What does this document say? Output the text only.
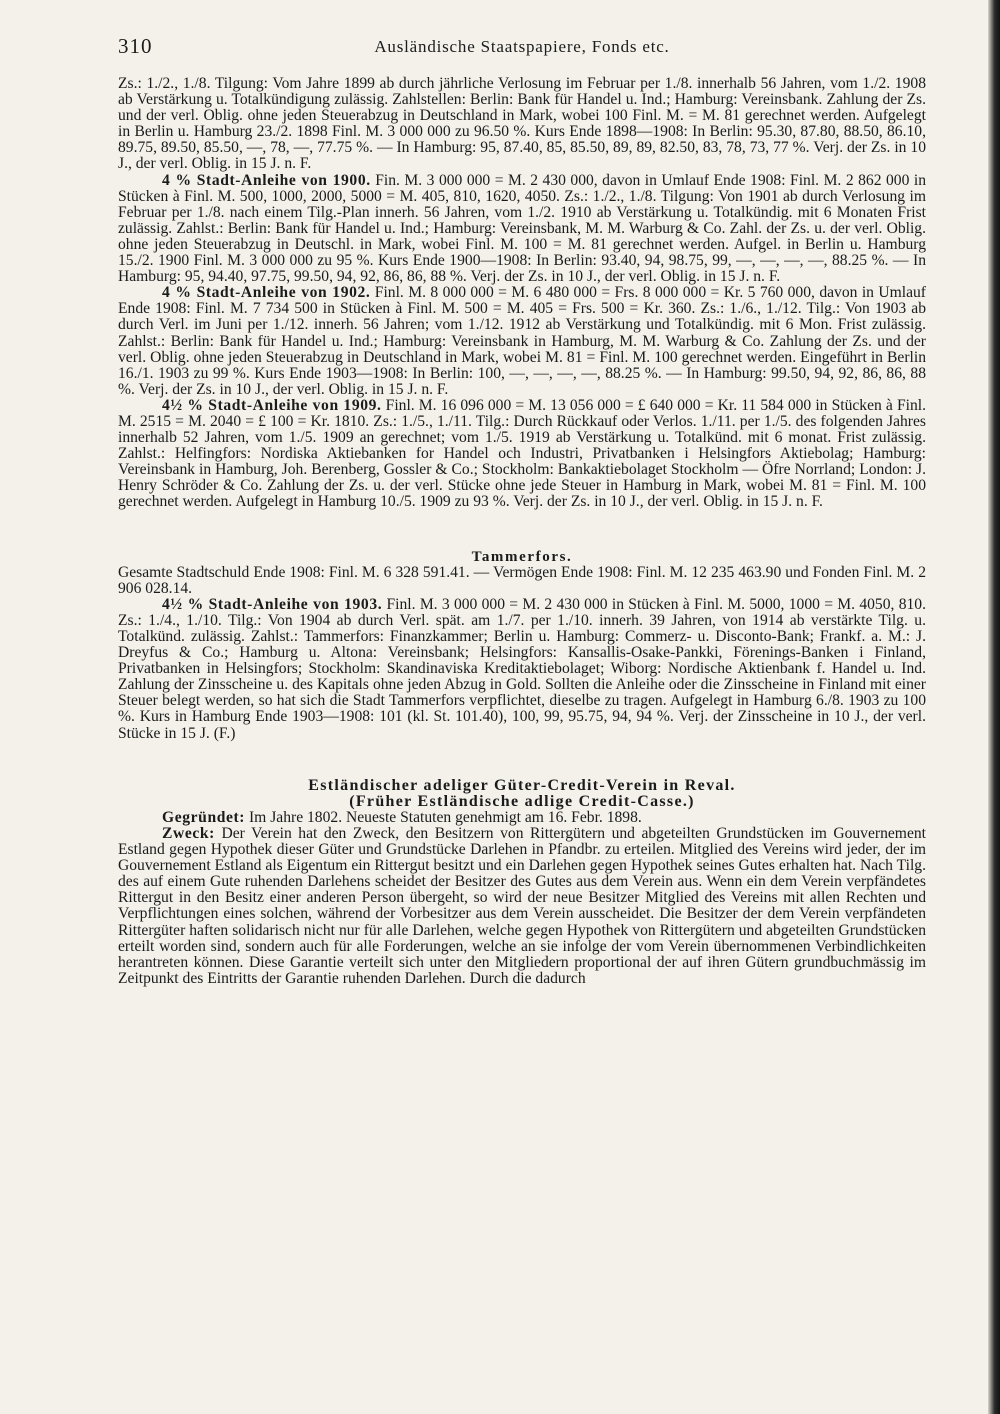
310	Ausländische Staatspapiere, Fonds etc.

Zs.: 1./2., 1./8. Tilgung: Vom Jahre 1899 ab durch jährliche Verlosung im Februar per 1./8. innerhalb 56 Jahren, vom 1./2. 1908 ab Verstärkung u. Totalkündigung zulässig. Zahlstellen: Berlin: Bank für Handel u. Ind.; Hamburg: Vereinsbank. Zahlung der Zs. und der verl. Oblig. ohne jeden Steuerabzug in Deutschland in Mark, wobei 100 Finl. M. = M. 81 gerechnet werden. Aufgelegt in Berlin u. Hamburg 23./2. 1898 Finl. M. 3 000 000 zu 96.50 %. Kurs Ende 1898—1908: In Berlin: 95.30, 87.80, 88.50, 86.10, 89.75, 89.50, 85.50, —, 78, —, 77.75 %. — In Hamburg: 95, 87.40, 85, 85.50, 89, 89, 82.50, 83, 78, 73, 77 %. Verj. der Zs. in 10 J., der verl. Oblig. in 15 J. n. F.

4 % Stadt-Anleihe von 1900. Fin. M. 3 000 000 = M. 2 430 000, davon in Umlauf Ende 1908: Finl. M. 2 862 000 in Stücken à Finl. M. 500, 1000, 2000, 5000 = M. 405, 810, 1620, 4050. Zs.: 1./2., 1./8. Tilgung: Von 1901 ab durch Verlosung im Februar per 1./8. nach einem Tilg.-Plan innerh. 56 Jahren, vom 1./2. 1910 ab Verstärkung u. Totalkündig. mit 6 Monaten Frist zulässig. Zahlst.: Berlin: Bank für Handel u. Ind.; Hamburg: Vereinsbank, M. M. Warburg & Co. Zahl. der Zs. u. der verl. Oblig. ohne jeden Steuerabzug in Deutschl. in Mark, wobei Finl. M. 100 = M. 81 gerechnet werden. Aufgel. in Berlin u. Hamburg 15./2. 1900 Finl. M. 3 000 000 zu 95 %. Kurs Ende 1900—1908: In Berlin: 93.40, 94, 98.75, 99, —, —, —, —, 88.25 %. — In Hamburg: 95, 94.40, 97.75, 99.50, 94, 92, 86, 86, 88 %. Verj. der Zs. in 10 J., der verl. Oblig. in 15 J. n. F.

4 % Stadt-Anleihe von 1902. Finl. M. 8 000 000 = M. 6 480 000 = Frs. 8 000 000 = Kr. 5 760 000, davon in Umlauf Ende 1908: Finl. M. 7 734 500 in Stücken à Finl. M. 500 = M. 405 = Frs. 500 = Kr. 360. Zs.: 1./6., 1./12. Tilg.: Von 1903 ab durch Verl. im Juni per 1./12. innerh. 56 Jahren; vom 1./12. 1912 ab Verstärkung und Totalkündig. mit 6 Mon. Frist zulässig. Zahlst.: Berlin: Bank für Handel u. Ind.; Hamburg: Vereinsbank in Hamburg, M. M. Warburg & Co. Zahlung der Zs. und der verl. Oblig. ohne jeden Steuerabzug in Deutschland in Mark, wobei M. 81 = Finl. M. 100 gerechnet werden. Eingeführt in Berlin 16./1. 1903 zu 99 %. Kurs Ende 1903—1908: In Berlin: 100, —, —, —, —, 88.25 %. — In Hamburg: 99.50, 94, 92, 86, 86, 88 %. Verj. der Zs. in 10 J., der verl. Oblig. in 15 J. n. F.

4½ % Stadt-Anleihe von 1909. Finl. M. 16 096 000 = M. 13 056 000 = £ 640 000 = Kr. 11 584 000 in Stücken à Finl. M. 2515 = M. 2040 = £ 100 = Kr. 1810. Zs.: 1./5., 1./11. Tilg.: Durch Rückkauf oder Verlos. 1./11. per 1./5. des folgenden Jahres innerhalb 52 Jahren, vom 1./5. 1909 an gerechnet; vom 1./5. 1919 ab Verstärkung u. Totalkünd. mit 6 monat. Frist zulässig. Zahlst.: Helfingfors: Nordiska Aktiebanken for Handel och Industri, Privatbanken i Helsingfors Aktiebolag; Hamburg: Vereinsbank in Hamburg, Joh. Berenberg, Gossler & Co.; Stockholm: Bankaktiebolaget Stockholm — Öfre Norrland; London: J. Henry Schröder & Co. Zahlung der Zs. u. der verl. Stücke ohne jede Steuer in Hamburg in Mark, wobei M. 81 = Finl. M. 100 gerechnet werden. Aufgelegt in Hamburg 10./5. 1909 zu 93 %. Verj. der Zs. in 10 J., der verl. Oblig. in 15 J. n. F.

Tammerfors.

Gesamte Stadtschuld Ende 1908: Finl. M. 6 328 591.41. — Vermögen Ende 1908: Finl. M. 12 235 463.90 und Fonden Finl. M. 2 906 028.14.

4½ % Stadt-Anleihe von 1903. Finl. M. 3 000 000 = M. 2 430 000 in Stücken à Finl. M. 5000, 1000 = M. 4050, 810. Zs.: 1./4., 1./10. Tilg.: Von 1904 ab durch Verl. spät. am 1./7. per 1./10. innerh. 39 Jahren, von 1914 ab verstärkte Tilg. u. Totalkünd. zulässig. Zahlst.: Tammerfors: Finanzkammer; Berlin u. Hamburg: Commerz- u. Disconto-Bank; Frankf. a. M.: J. Dreyfus & Co.; Hamburg u. Altona: Vereinsbank; Helsingfors: Kansallis-Osake-Pankki, Förenings-Banken i Finland, Privatbanken in Helsingfors; Stockholm: Skandinaviska Kreditaktiebolaget; Wiborg: Nordische Aktienbank f. Handel u. Ind. Zahlung der Zinsscheine u. des Kapitals ohne jeden Abzug in Gold. Sollten die Anleihe oder die Zinsscheine in Finland mit einer Steuer belegt werden, so hat sich die Stadt Tammerfors verpflichtet, dieselbe zu tragen. Aufgelegt in Hamburg 6./8. 1903 zu 100 %. Kurs in Hamburg Ende 1903—1908: 101 (kl. St. 101.40), 100, 99, 95.75, 94, 94 %. Verj. der Zinsscheine in 10 J., der verl. Stücke in 15 J. (F.)

Estländischer adeliger Güter-Credit-Verein in Reval.

(Früher Estländische adlige Credit-Casse.)

Gegründet: Im Jahre 1802. Neueste Statuten genehmigt am 16. Febr. 1898.

Zweck: Der Verein hat den Zweck, den Besitzern von Rittergütern und abgeteilten Grundstücken im Gouvernement Estland gegen Hypothek dieser Güter und Grundstücke Darlehen in Pfandbr. zu erteilen. Mitglied des Vereins wird jeder, der im Gouvernement Estland als Eigentum ein Rittergut besitzt und ein Darlehen gegen Hypothek seines Gutes erhalten hat. Nach Tilg. des auf einem Gute ruhenden Darlehens scheidet der Besitzer des Gutes aus dem Verein aus. Wenn ein dem Verein verpfändetes Rittergut in den Besitz einer anderen Person übergeht, so wird der neue Besitzer Mitglied des Vereins mit allen Rechten und Verpflichtungen eines solchen, während der Vorbesitzer aus dem Verein ausscheidet. Die Besitzer der dem Verein verpfändeten Rittergüter haften solidarisch nicht nur für alle Darlehen, welche gegen Hypothek von Rittergütern und abgeteilten Grundstücken erteilt worden sind, sondern auch für alle Forderungen, welche an sie infolge der vom Verein übernommenen Verbindlichkeiten herantreten können. Diese Garantie verteilt sich unter den Mitgliedern proportional der auf ihren Gütern grundbuchmässig im Zeitpunkt des Eintritts der Garantie ruhenden Darlehen. Durch die dadurch
